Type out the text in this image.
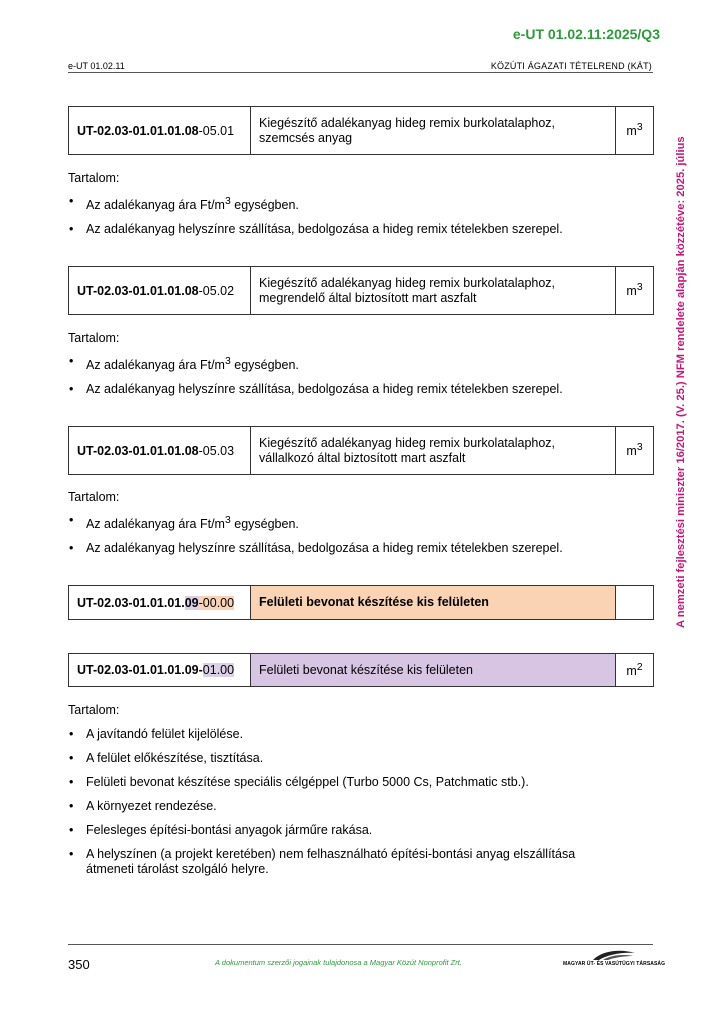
e-UT 01.02.11:2025/Q3
e-UT 01.02.11	KÖZÚTI ÁGAZATI TÉTELREND (KÁT)
A nemzeti fejlesztési miniszter 16/2017. (V. 25.) NFM rendelete alapján közzétéve: 2025. július
UT-02.03-01.01.01.08-05.01	Kiegészítő adalékanyag hideg remix burkolatalaphoz,
szemcsés anyag	$m^3$

Tartalom:

• Az adalékanyag ára $Ft/m^3$ egységben.
• Az adalékanyag helyszínre szállítása, bedolgozása a hideg remix tételekben szerepel.
UT-02.03-01.01.01.08-05.02	Kiegészítő adalékanyag hideg remix burkolatalaphoz,
megrendelő által biztosított mart aszfalt	$m^3$

Tartalom:

• Az adalékanyag ára $Ft/m^3$ egységben.
• Az adalékanyag helyszínre szállítása, bedolgozása a hideg remix tételekben szerepel.
UT-02.03-01.01.01.08-05.03	Kiegészítő adalékanyag hideg remix burkolatalaphoz,
vállalkozó által biztosított mart aszfalt	$m^3$

Tartalom:

• Az adalékanyag ára $Ft/m^3$ egységben.
• Az adalékanyag helyszínre szállítása, bedolgozása a hideg remix tételekben szerepel.
UT-02.03-01.01.01.09-00.00	Felületi bevonat készítése kis felületen	
UT-02.03-01.01.01.09-01.00	Felületi bevonat készítése kis felületen	$m^2$

Tartalom:

• A javítandó felület kijelölése.
• A felület előkészítése, tisztítása.
• Felületi bevonat készítése speciális célgéppel (Turbo 5000 Cs, Patchmatic stb.).
• A környezet rendezése.
• Felesleges építési-bontási anyagok járműre rakása.
• A helyszínen (a projekt keretében) nem felhasználható építési-bontási anyag elszállítása
átmeneti tárolást szolgáló helyre.
350	A dokumentum szerzői jogainak tulajdonosa a Magyar Közút Nonprofit Zrt.	MAGYAR ÚT- ÉS VASÚTÜGYI TÁRSASÁG
